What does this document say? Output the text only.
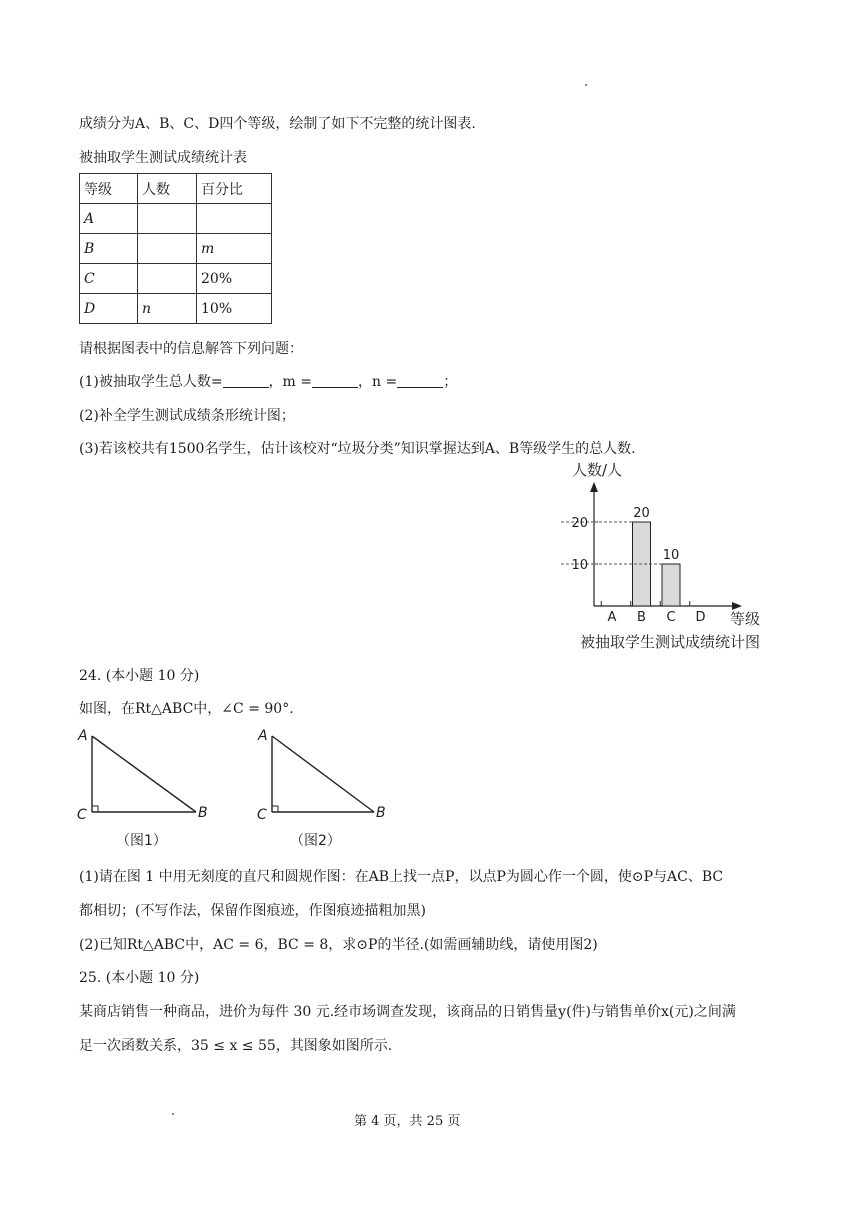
成绩分为A、B、C、D四个等级，绘制了如下不完整的统计图表.
被抽取学生测试成绩统计表
等级	人数	百分比
A		
B		m
C		20%
D	n	10%
请根据图表中的信息解答下列问题：
(1)被抽取学生总人数=	，m =	，n =	；
(2)补全学生测试成绩条形统计图；
(3)若该校共有1500名学生，估计该校对“垃圾分类”知识掌握达到A、B等级学生的总人数.
人数/人
等级
10
20
A B
20
C
10
D
被抽取学生测试成绩统计图
24. (本小题 10 分)
如图，在Rt△ABC中，∠C = 90°.
A
C	B
（图1）
A
C	B
（图2）
(1)请在图 1 中用无刻度的直尺和圆规作图：在AB上找一点P，以点P为圆心作一个圆，使⊙P与AC、BC
都相切；(不写作法，保留作图痕迹，作图痕迹描粗加黑)
(2)已知Rt△ABC中，AC = 6，BC = 8，求⊙P的半径.(如需画辅助线，请使用图2)
25. (本小题 10 分)
某商店销售一种商品，进价为每件 30 元.经市场调查发现，该商品的日销售量y(件)与销售单价x(元)之间满
足一次函数关系，35 ≤ x ≤ 55，其图象如图所示.
第 4 页，共 25 页
